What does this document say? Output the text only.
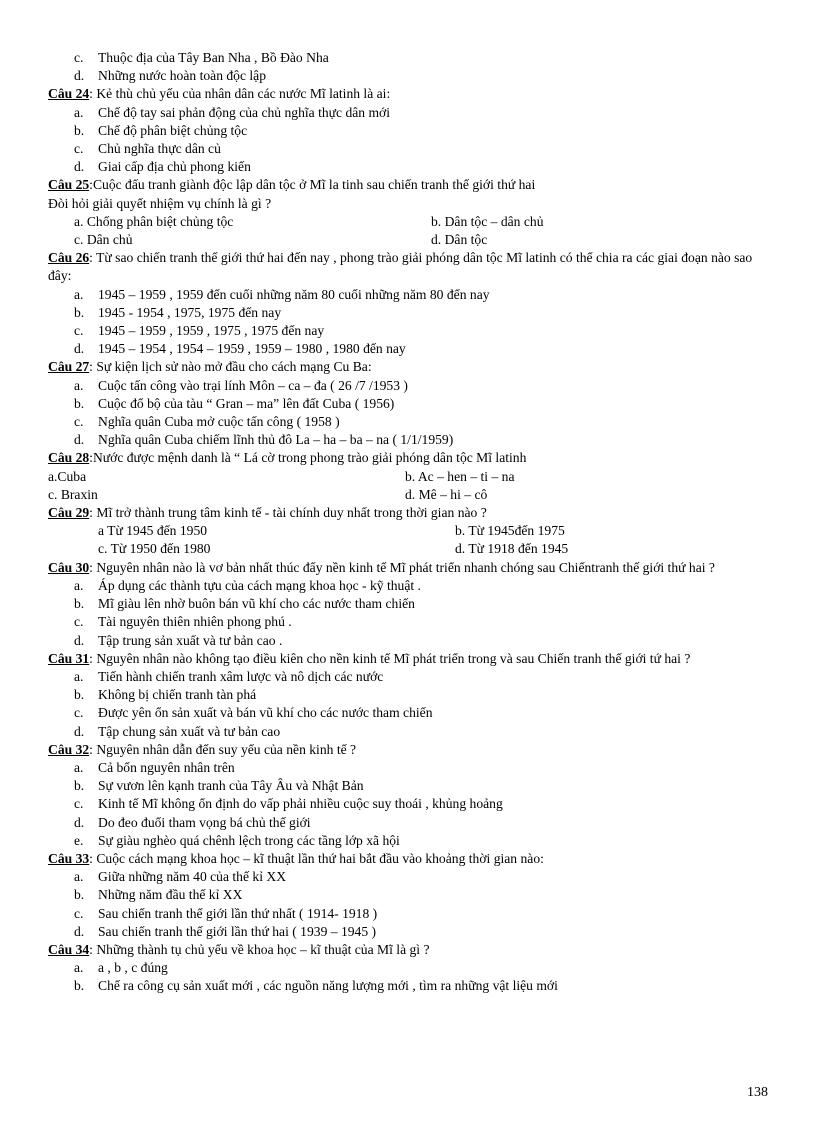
c.	Thuộc địa của Tây Ban Nha , Bồ Đào Nha
d.	Những nước hoàn toàn độc lập
Câu 24: Kẻ thù chủ yếu của nhân dân các nước Mĩ latinh là ai:
a.	Chế độ tay sai phản động của chủ nghĩa thực dân mới
b.	Chế độ phân biệt chủng tộc
c.	Chủ nghĩa thực dân củ
d.	Giai cấp địa chủ phong kiến
Câu 25:Cuộc đấu tranh giành độc lập dân tộc ở Mĩ la tinh sau chiến tranh thế giới thứ hai
Đòi hỏi giải quyết nhiệm vụ chính là gì ?
a. Chống phân biệt chủng tộc	b. Dân tộc – dân chủ
c. Dân chủ	d. Dân tộc
Câu 26: Từ sao chiến tranh thế giới thứ hai đến nay , phong trào giải phóng dân tộc Mĩ latinh có thể chia ra các giai đoạn nào sao đây:
a.	1945 – 1959 , 1959 đến cuối những năm 80 cuối những năm 80 đến nay
b.	1945 - 1954 , 1975, 1975 đến nay
c.	1945 – 1959 , 1959 , 1975 , 1975 đến nay
d.	1945 – 1954 , 1954 – 1959 , 1959 – 1980 , 1980 đến nay
Câu 27: Sự kiện lịch sử nào mở đầu cho cách mạng Cu Ba:
a.	Cuộc tấn công vào trại lính Môn – ca – đa ( 26 /7 /1953 )
b.	Cuộc đổ bộ của tàu “ Gran – ma” lên đất Cuba ( 1956)
c.	Nghĩa quân Cuba mở cuộc tấn công ( 1958 )
d.	Nghĩa quân Cuba chiếm lĩnh thủ đô La – ha – ba – na ( 1/1/1959)
Câu 28:Nước được mệnh danh là “ Lá cờ trong phong trào giải phóng dân tộc Mĩ latinh
a.Cuba	b. Ac – hen – ti – na
c. Braxin	d. Mê – hi – cô
Câu 29: Mĩ trở thành trung tâm kinh tế - tài chính duy nhất trong thời gian nào ?
a Từ 1945 đến 1950	b. Từ 1945đến 1975
c. Từ 1950 đến 1980	d. Từ 1918 đến 1945
Câu 30: Nguyên nhân nào là vơ bản nhất thúc đẩy nền kinh tế Mĩ phát triển nhanh chóng sau Chiếntranh thế giới thứ hai ?
a.	Áp dụng các thành tựu của cách mạng khoa học - kỹ thuật .
b.	Mĩ giàu lên nhờ buôn bán vũ khí cho các nước tham chiến
c.	Tài nguyên thiên nhiên phong phú .
d.	Tập trung sản xuất và tư bản cao .
Câu 31: Nguyên nhân nào không tạo điều kiên cho nền kinh tế Mĩ phát triển trong và sau Chiến tranh thế giới tứ hai ?
a.	Tiến hành chiến tranh xâm lược và nô dịch các nước
b.	Không bị chiến tranh tàn phá
c.	Được yên ổn sản xuất và bán vũ khí cho các nước tham chiến
d.	Tập chung sản xuất và tư bản cao
Câu 32: Nguyên nhân dẫn đến suy yếu của nền kinh tế ?
a.	Cả bốn nguyên nhân trên
b.	Sự vươn lên kạnh tranh của Tây Âu và Nhật Bản
c.	Kinh tế Mĩ không ổn định do vấp phải nhiều cuộc suy thoái , khủng hoảng
d.	Do đeo đuổi tham vọng bá chủ thế giới
e.	Sự giàu nghèo quá chênh lệch trong các tầng lớp xã hội
Câu 33: Cuộc cách mạng khoa học – kĩ thuật lần thứ hai bắt đầu vào khoảng thời gian nào:
a.	Giữa những năm 40 của thế kỉ XX
b.	Những năm đầu thế kỉ XX
c.	Sau chiến tranh thế giới lần thứ nhất ( 1914- 1918 )
d.	Sau chiến tranh thế giới lần thứ hai ( 1939 – 1945 )
Câu 34: Những thành tụ chủ yếu về khoa học – kĩ thuật của Mĩ là gì ?
a.	a , b , c đúng
b.	Chế ra công cụ sản xuất mới , các nguồn năng lượng mới , tìm ra những vật liệu mới
138
